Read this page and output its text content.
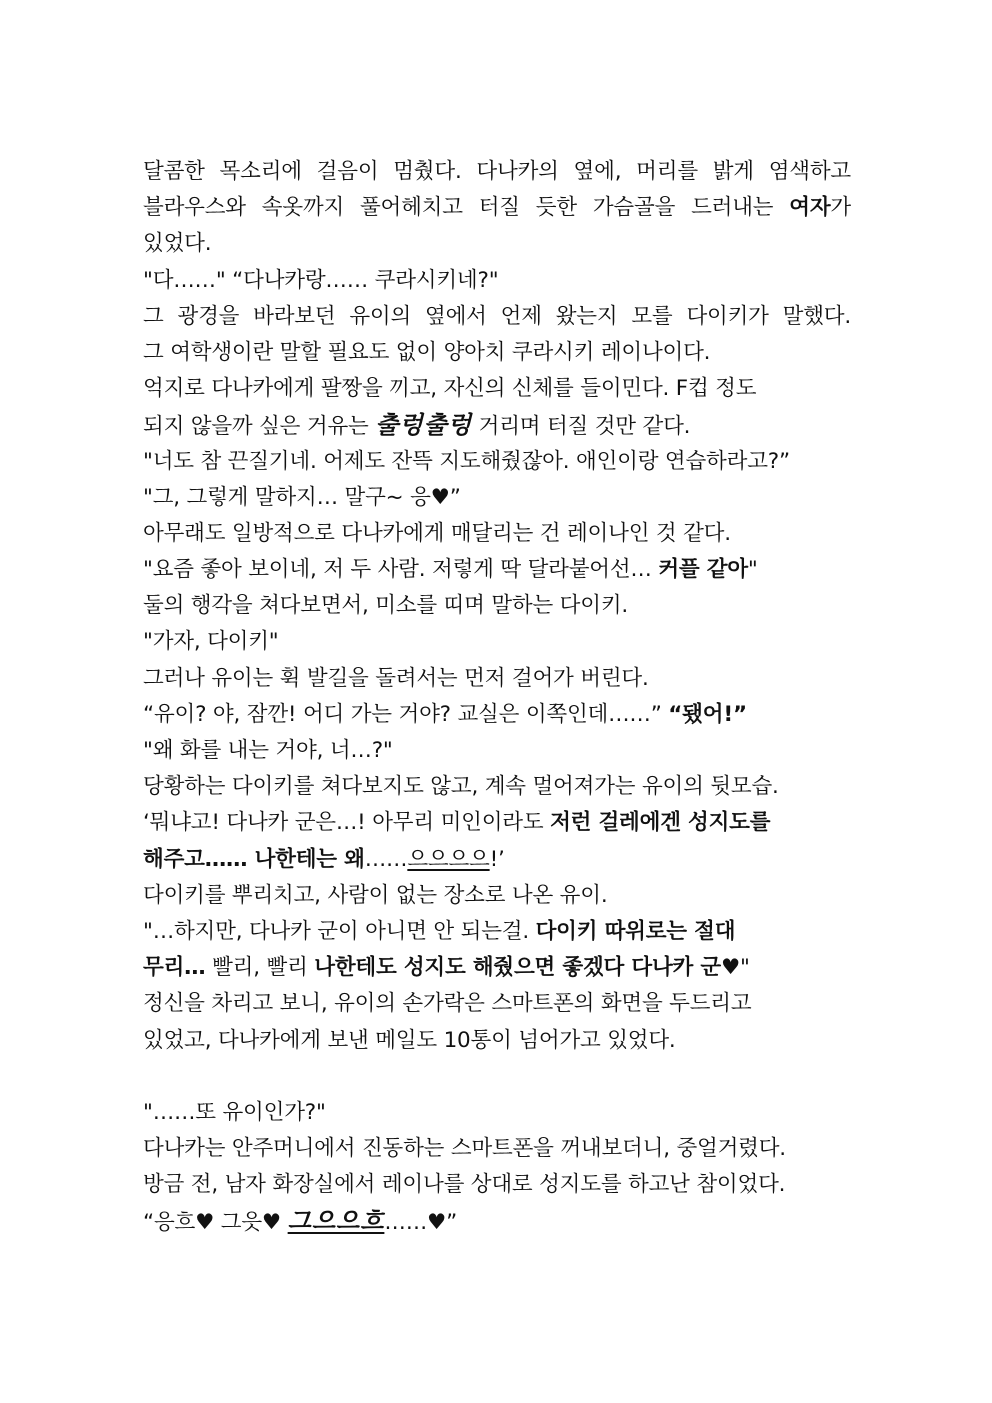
달콤한 목소리에 걸음이 멈췄다. 다나카의 옆에, 머리를 밝게 염색하고
블라우스와 속옷까지 풀어헤치고 터질 듯한 가슴골을 드러내는 여자가
있었다.
"다……" “다나카랑…… 쿠라시키네?"
그 광경을 바라보던 유이의 옆에서 언제 왔는지 모를 다이키가 말했다.
그 여학생이란 말할 필요도 없이 양아치 쿠라시키 레이나이다.
억지로 다나카에게 팔짱을 끼고, 자신의 신체를 들이민다. F컵 정도
되지 않을까 싶은 거유는 출렁출렁 거리며 터질 것만 같다.
"너도 참 끈질기네. 어제도 잔뜩 지도해줬잖아. 애인이랑 연습하라고?”
"그, 그렇게 말하지… 말구~ 응♥”
아무래도 일방적으로 다나카에게 매달리는 건 레이나인 것 같다.
"요즘 좋아 보이네, 저 두 사람. 저렇게 딱 달라붙어선… 커플 같아"
둘의 행각을 쳐다보면서, 미소를 띠며 말하는 다이키.
"가자, 다이키"
그러나 유이는 휙 발길을 돌려서는 먼저 걸어가 버린다.
“유이? 야, 잠깐! 어디 가는 거야? 교실은 이쪽인데……” “됐어!”
"왜 화를 내는 거야, 너…?"
당황하는 다이키를 쳐다보지도 않고, 계속 멀어져가는 유이의 뒷모습.
‘뭐냐고! 다나카 군은…! 아무리 미인이라도 저런 걸레에겐 성지도를
해주고…… 나한테는 왜……으으으으!’
다이키를 뿌리치고, 사람이 없는 장소로 나온 유이.
"…하지만, 다나카 군이 아니면 안 되는걸. 다이키 따위로는 절대
무리… 빨리, 빨리 나한테도 성지도 해줬으면 좋겠다 다나카 군♥"
정신을 차리고 보니, 유이의 손가락은 스마트폰의 화면을 두드리고
있었고, 다나카에게 보낸 메일도 10통이 넘어가고 있었다.
"……또 유이인가?"
다나카는 안주머니에서 진동하는 스마트폰을 꺼내보더니, 중얼거렸다.
방금 전, 남자 화장실에서 레이나를 상대로 성지도를 하고난 참이었다.
“응흐♥ 그읏♥ 그으으흐……♥”
